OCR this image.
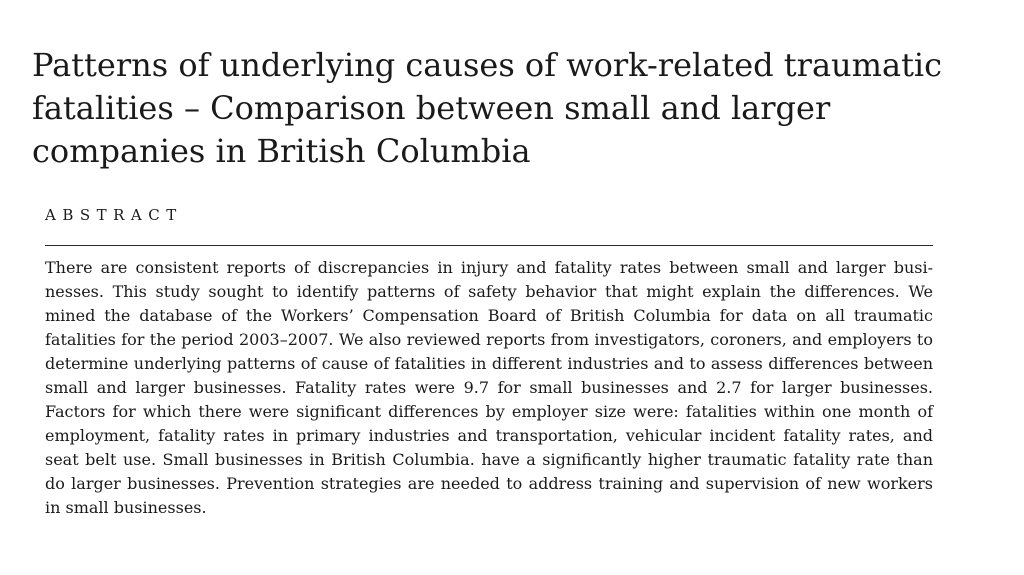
Patterns of underlying causes of work-related traumatic fatalities – Comparison between small and larger companies in British Columbia
ABSTRACT

There are consistent reports of discrepancies in injury and fatality rates between small and larger businesses. This study sought to identify patterns of safety behavior that might explain the differences. We mined the database of the Workers’ Compensation Board of British Columbia for data on all traumatic fatalities for the period 2003–2007. We also reviewed reports from investigators, coroners, and employers to determine underlying patterns of cause of fatalities in different industries and to assess differences between small and larger businesses. Fatality rates were 9.7 for small businesses and 2.7 for larger businesses. Factors for which there were significant differences by employer size were: fatalities within one month of employment, fatality rates in primary industries and transportation, vehicular incident fatality rates, and seat belt use. Small businesses in British Columbia. have a significantly higher traumatic fatality rate than do larger businesses. Prevention strategies are needed to address training and supervision of new workers in small businesses.
